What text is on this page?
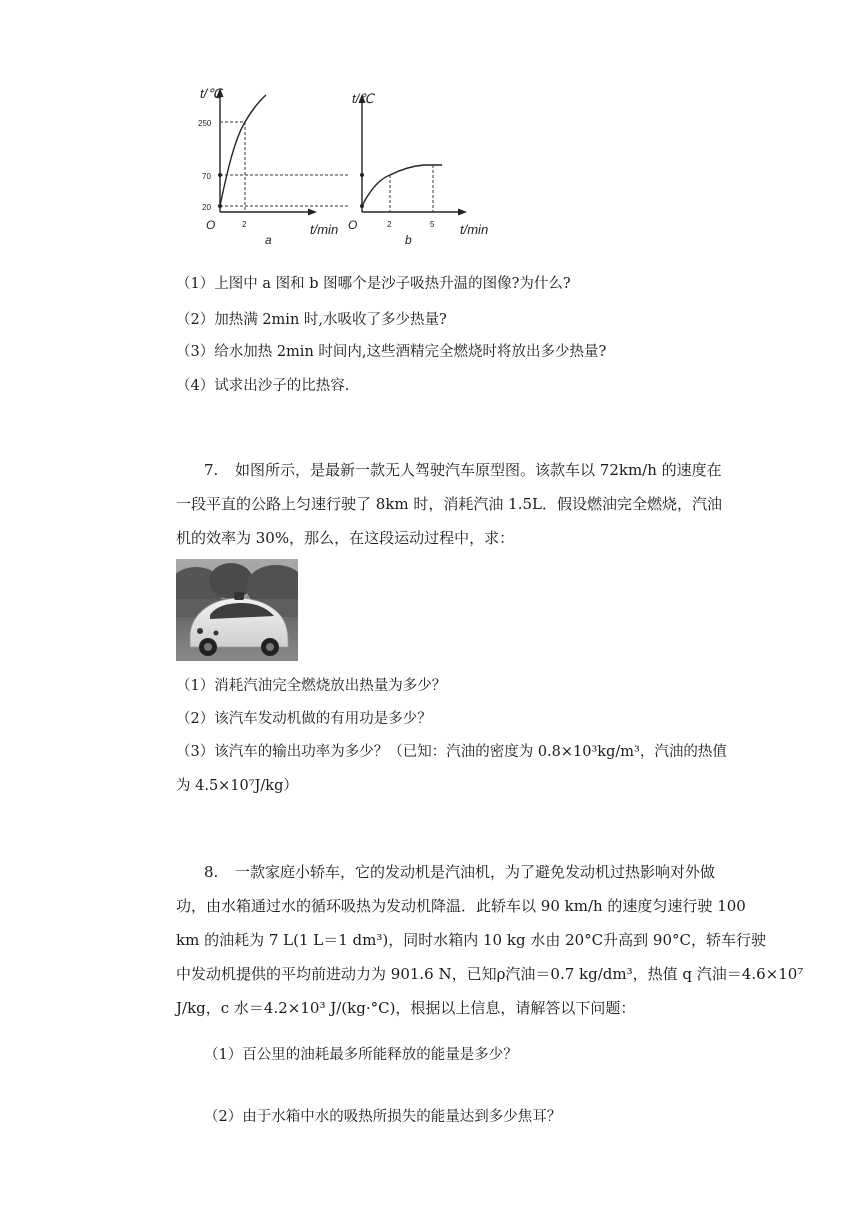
t/℃
250
70
20
O	2	t/min
a
t/℃
O	2	5 t/min
b
（1）上图中 a 图和 b 图哪个是沙子吸热升温的图像?为什么?
（2）加热满 2min 时,水吸收了多少热量?
（3）给水加热 2min 时间内,这些酒精完全燃烧时将放出多少热量?
（4）试求出沙子的比热容.
7. 如图所示，是最新一款无人驾驶汽车原型图。该款车以 72km/h 的速度在
一段平直的公路上匀速行驶了 8km 时，消耗汽油 1.5L．假设燃油完全燃烧，汽油
机的效率为 30%，那么，在这段运动过程中，求：
（1）消耗汽油完全燃烧放出热量为多少？
（2）该汽车发动机做的有用功是多少？
（3）该汽车的输出功率为多少？（已知：汽油的密度为 0.8×10³kg/m³，汽油的热值
为 4.5×10⁷J/kg）
8. 一款家庭小轿车，它的发动机是汽油机，为了避免发动机过热影响对外做
功，由水箱通过水的循环吸热为发动机降温．此轿车以 90 km/h 的速度匀速行驶 100
km 的油耗为 7 L(1 L＝1 dm³)，同时水箱内 10 kg 水由 20°C升高到 90°C，轿车行驶
中发动机提供的平均前进动力为 901.6 N，已知ρ汽油＝0.7 kg/dm³，热值 q 汽油＝4.6×10⁷
J/kg，c 水＝4.2×10³ J/(kg·°C)，根据以上信息，请解答以下问题：
（1）百公里的油耗最多所能释放的能量是多少？
（2）由于水箱中水的吸热所损失的能量达到多少焦耳？
